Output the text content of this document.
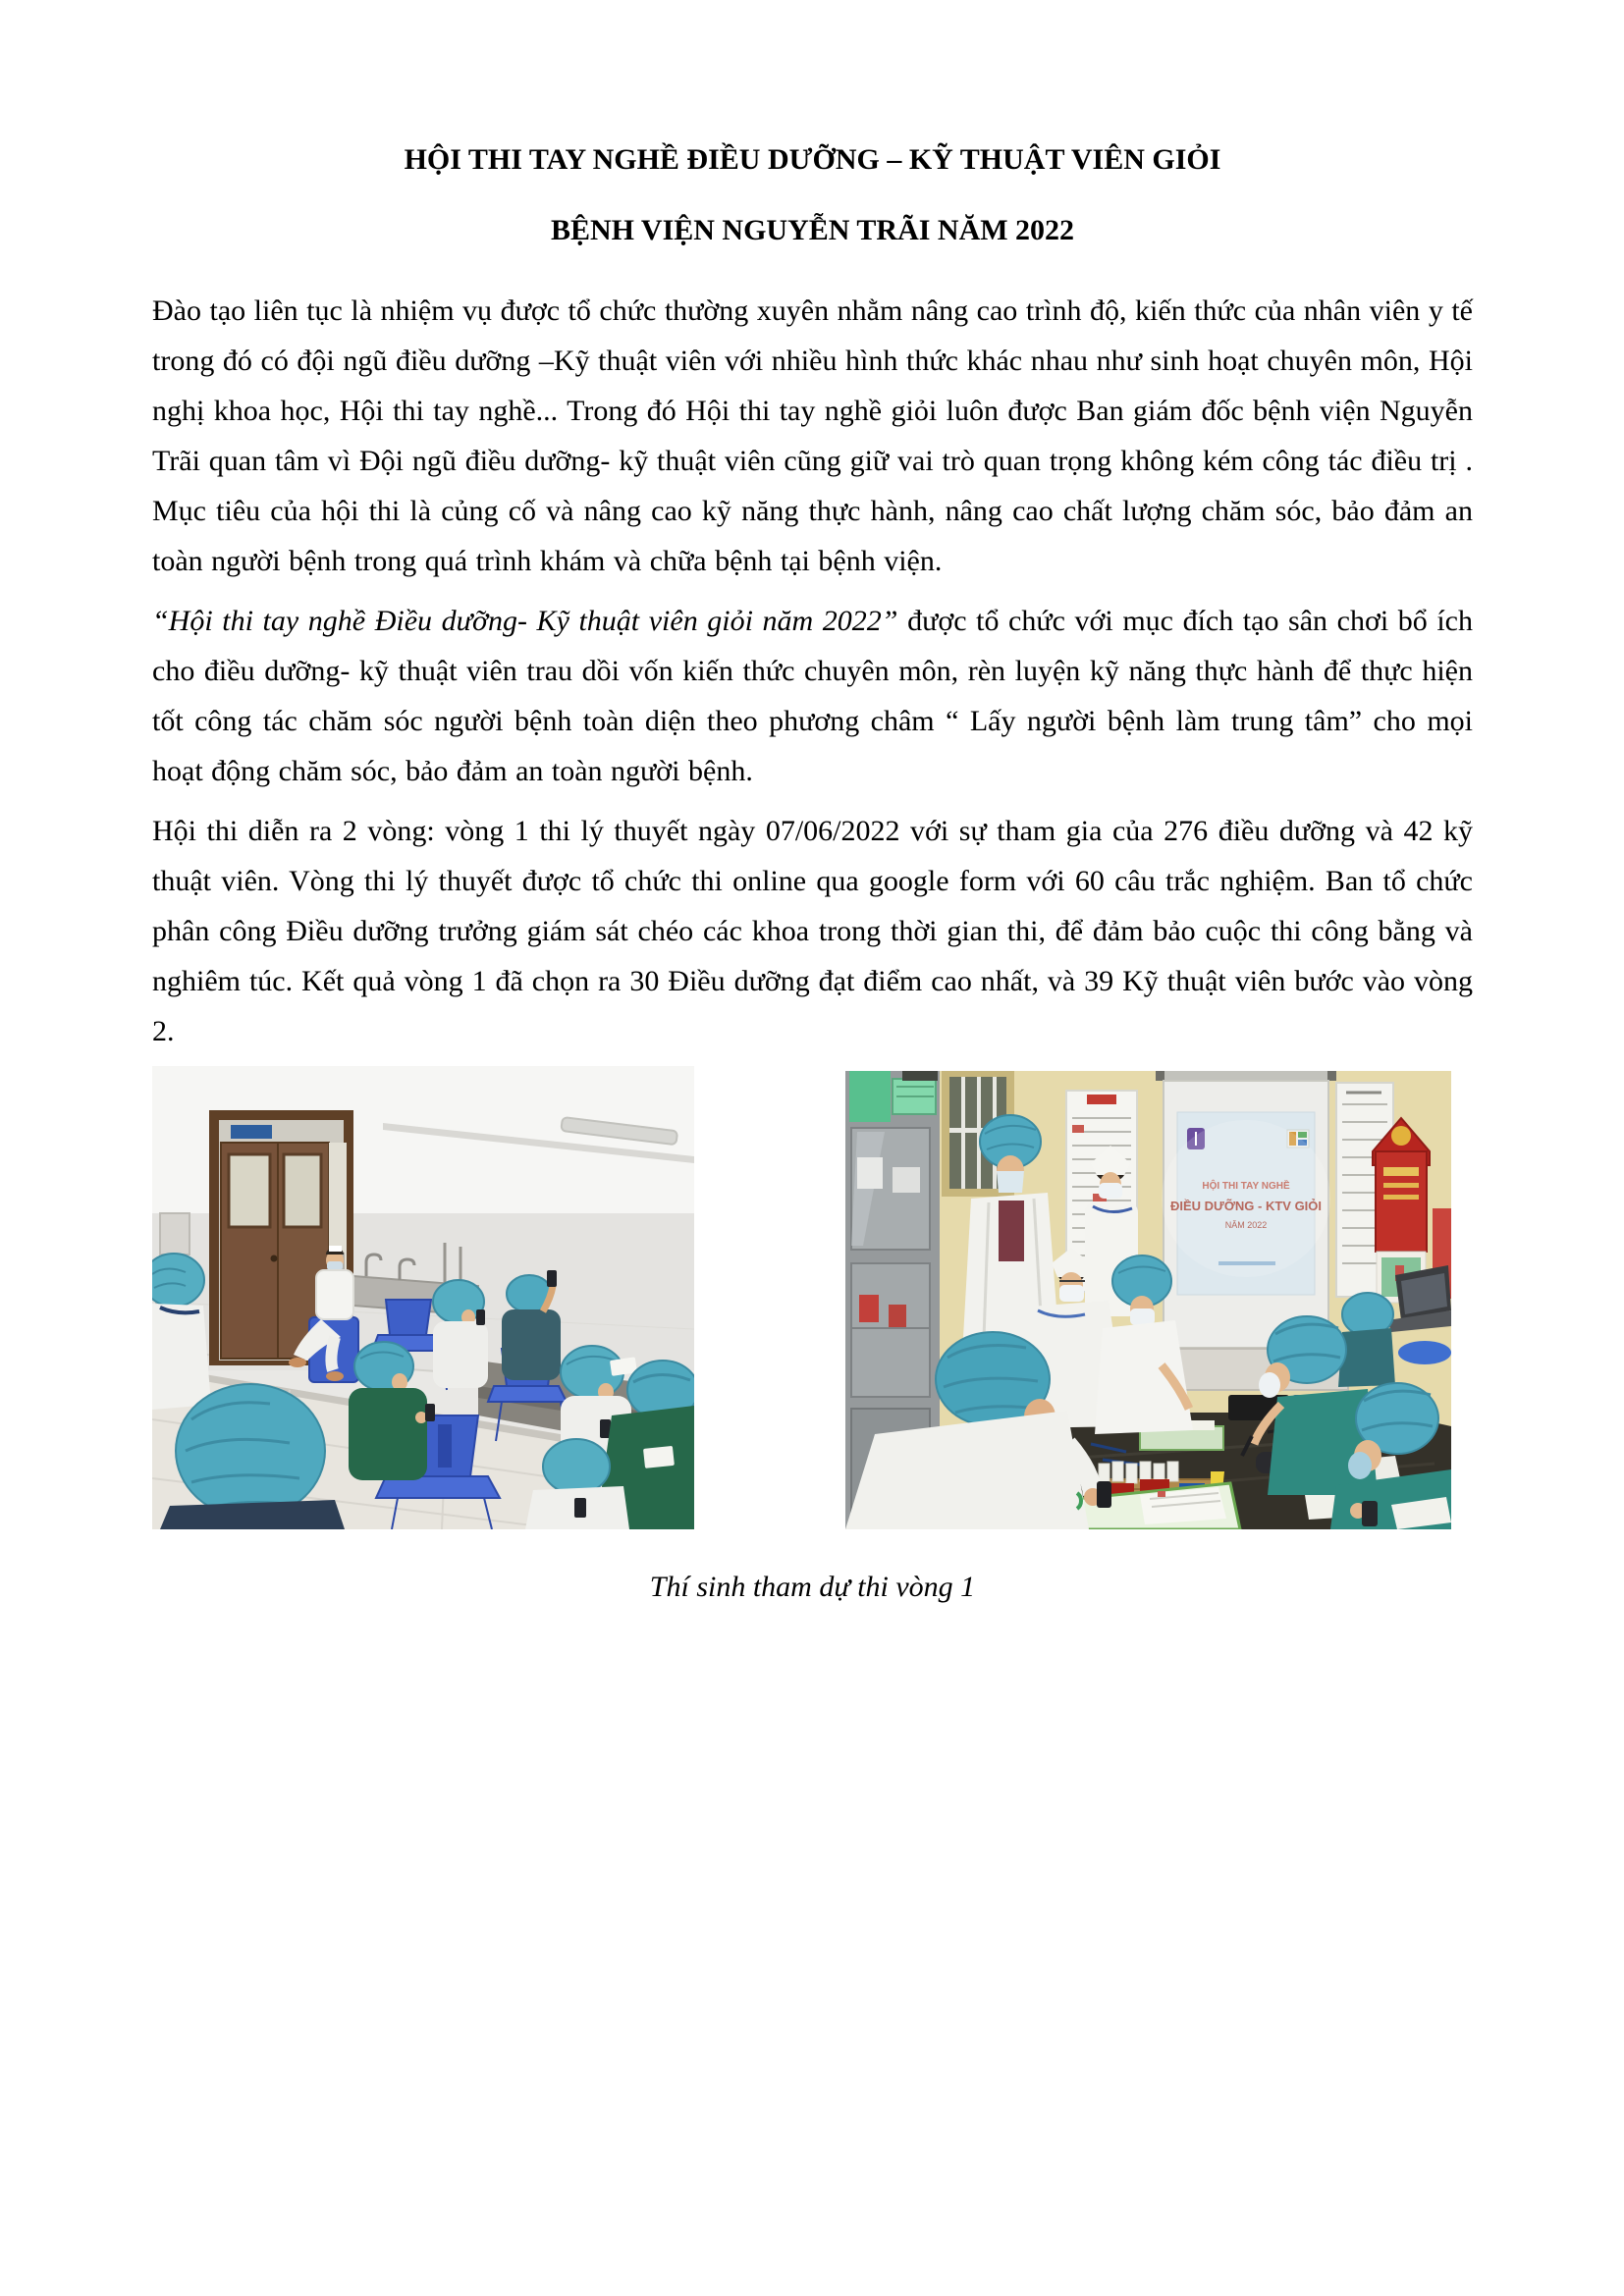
HỘI THI TAY NGHỀ ĐIỀU DƯỠNG – KỸ THUẬT VIÊN GIỎI
BỆNH VIỆN NGUYỄN TRÃI NĂM 2022

Đào tạo liên tục là nhiệm vụ được tổ chức thường xuyên nhằm nâng cao trình độ, kiến thức của nhân viên y tế trong đó có đội ngũ điều dưỡng –Kỹ thuật viên với nhiều hình thức khác nhau như sinh hoạt chuyên môn, Hội nghị khoa học, Hội thi tay nghề... Trong đó Hội thi tay nghề giỏi luôn được Ban giám đốc bệnh viện Nguyễn Trãi quan tâm vì Đội ngũ điều dưỡng- kỹ thuật viên cũng giữ vai trò quan trọng không kém công tác điều trị . Mục tiêu của hội thi là củng cố và nâng cao kỹ năng thực hành, nâng cao chất lượng chăm sóc, bảo đảm an toàn người bệnh trong quá trình khám và chữa bệnh tại bệnh viện.

“Hội thi tay nghề Điều dưỡng- Kỹ thuật viên giỏi năm 2022” được tổ chức với mục đích tạo sân chơi bổ ích cho điều dưỡng- kỹ thuật viên trau dồi vốn kiến thức chuyên môn, rèn luyện kỹ năng thực hành để thực hiện tốt công tác chăm sóc người bệnh toàn diện theo phương châm “ Lấy người bệnh làm trung tâm” cho mọi hoạt động chăm sóc, bảo đảm an toàn người bệnh.

Hội thi diễn ra 2 vòng: vòng 1 thi lý thuyết ngày 07/06/2022 với sự tham gia của 276 điều dưỡng và 42 kỹ thuật viên. Vòng thi lý thuyết được tổ chức thi online qua google form với 60 câu trắc nghiệm. Ban tổ chức phân công Điều dưỡng trưởng giám sát chéo các khoa trong thời gian thi, để đảm bảo cuộc thi công bằng và nghiêm túc. Kết quả vòng 1 đã chọn ra 30 Điều dưỡng đạt điểm cao nhất, và 39 Kỹ thuật viên bước vào vòng 2.

HỘI THI TAY NGHỀ
ĐIỀU DƯỠNG - KTV GIỎI
NĂM 2022
Thí sinh tham dự thi vòng 1
